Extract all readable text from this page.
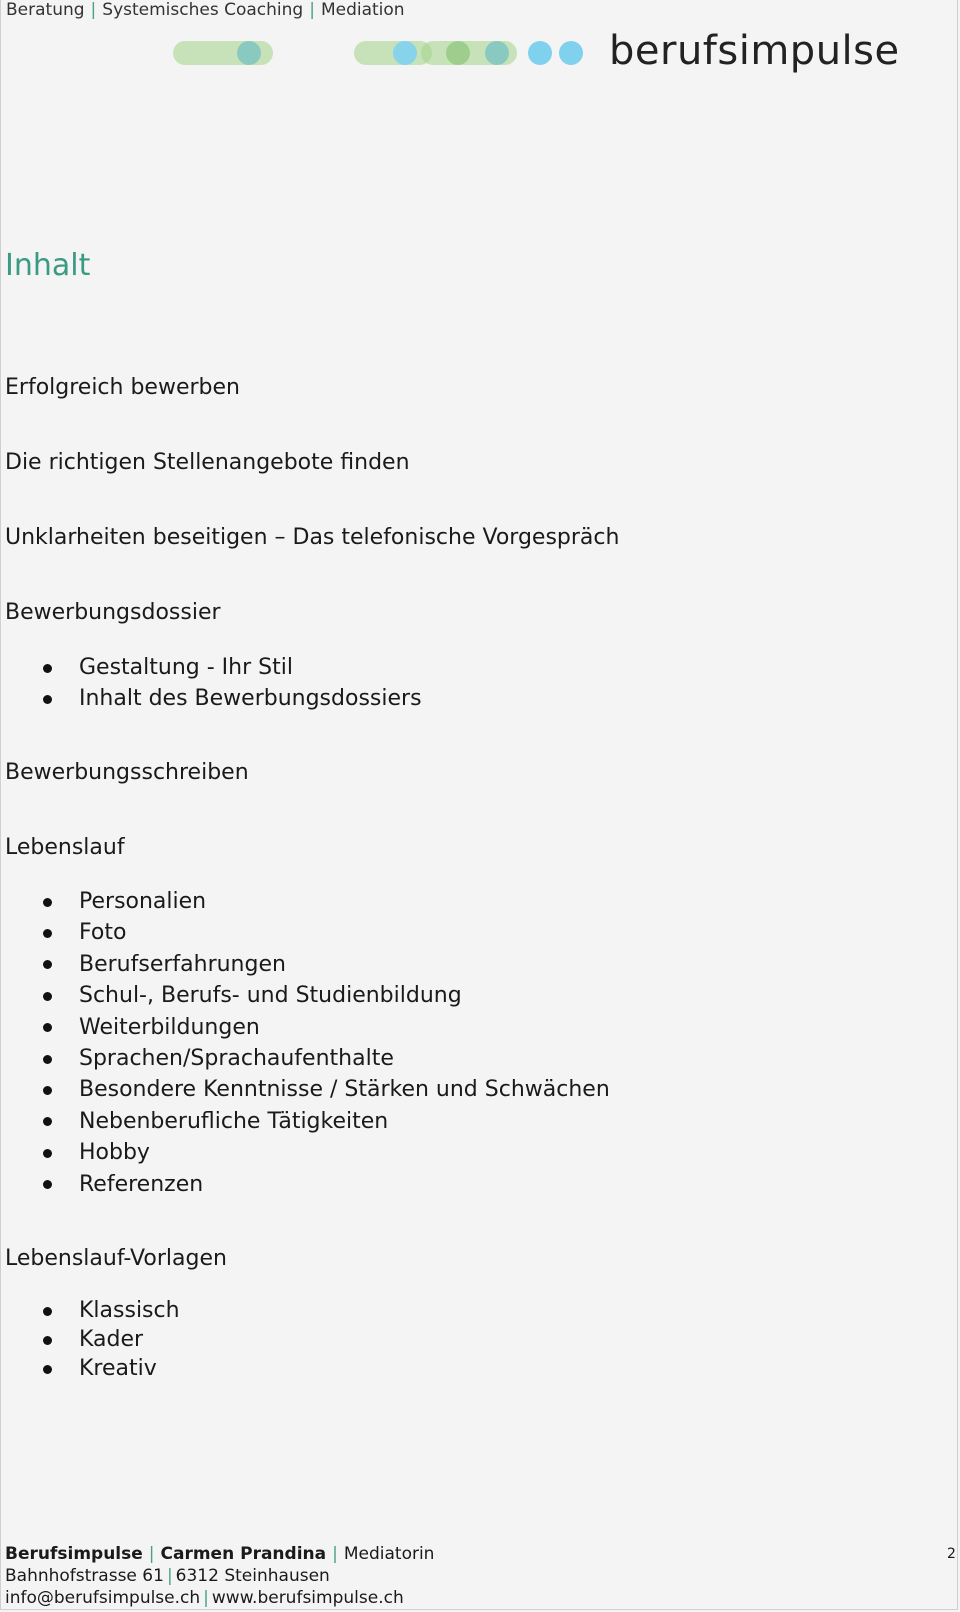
Beratung | Systemisches Coaching | Mediation
berufsimpulse
Inhalt
Erfolgreich bewerben
Die richtigen Stellenangebote finden
Unklarheiten beseitigen – Das telefonische Vorgespräch
Bewerbungsdossier
Gestaltung - Ihr Stil
Inhalt des Bewerbungsdossiers
Bewerbungsschreiben
Lebenslauf
Personalien
Foto
Berufserfahrungen
Schul-, Berufs- und Studienbildung
Weiterbildungen
Sprachen/Sprachaufenthalte
Besondere Kenntnisse / Stärken und Schwächen
Nebenberufliche Tätigkeiten
Hobby
Referenzen
Lebenslauf-Vorlagen
Klassisch
Kader
Kreativ
Berufsimpulse | Carmen Prandina | Mediatorin
Bahnhofstrasse 61 | 6312 Steinhausen
info@berufsimpulse.ch | www.berufsimpulse.ch
2
